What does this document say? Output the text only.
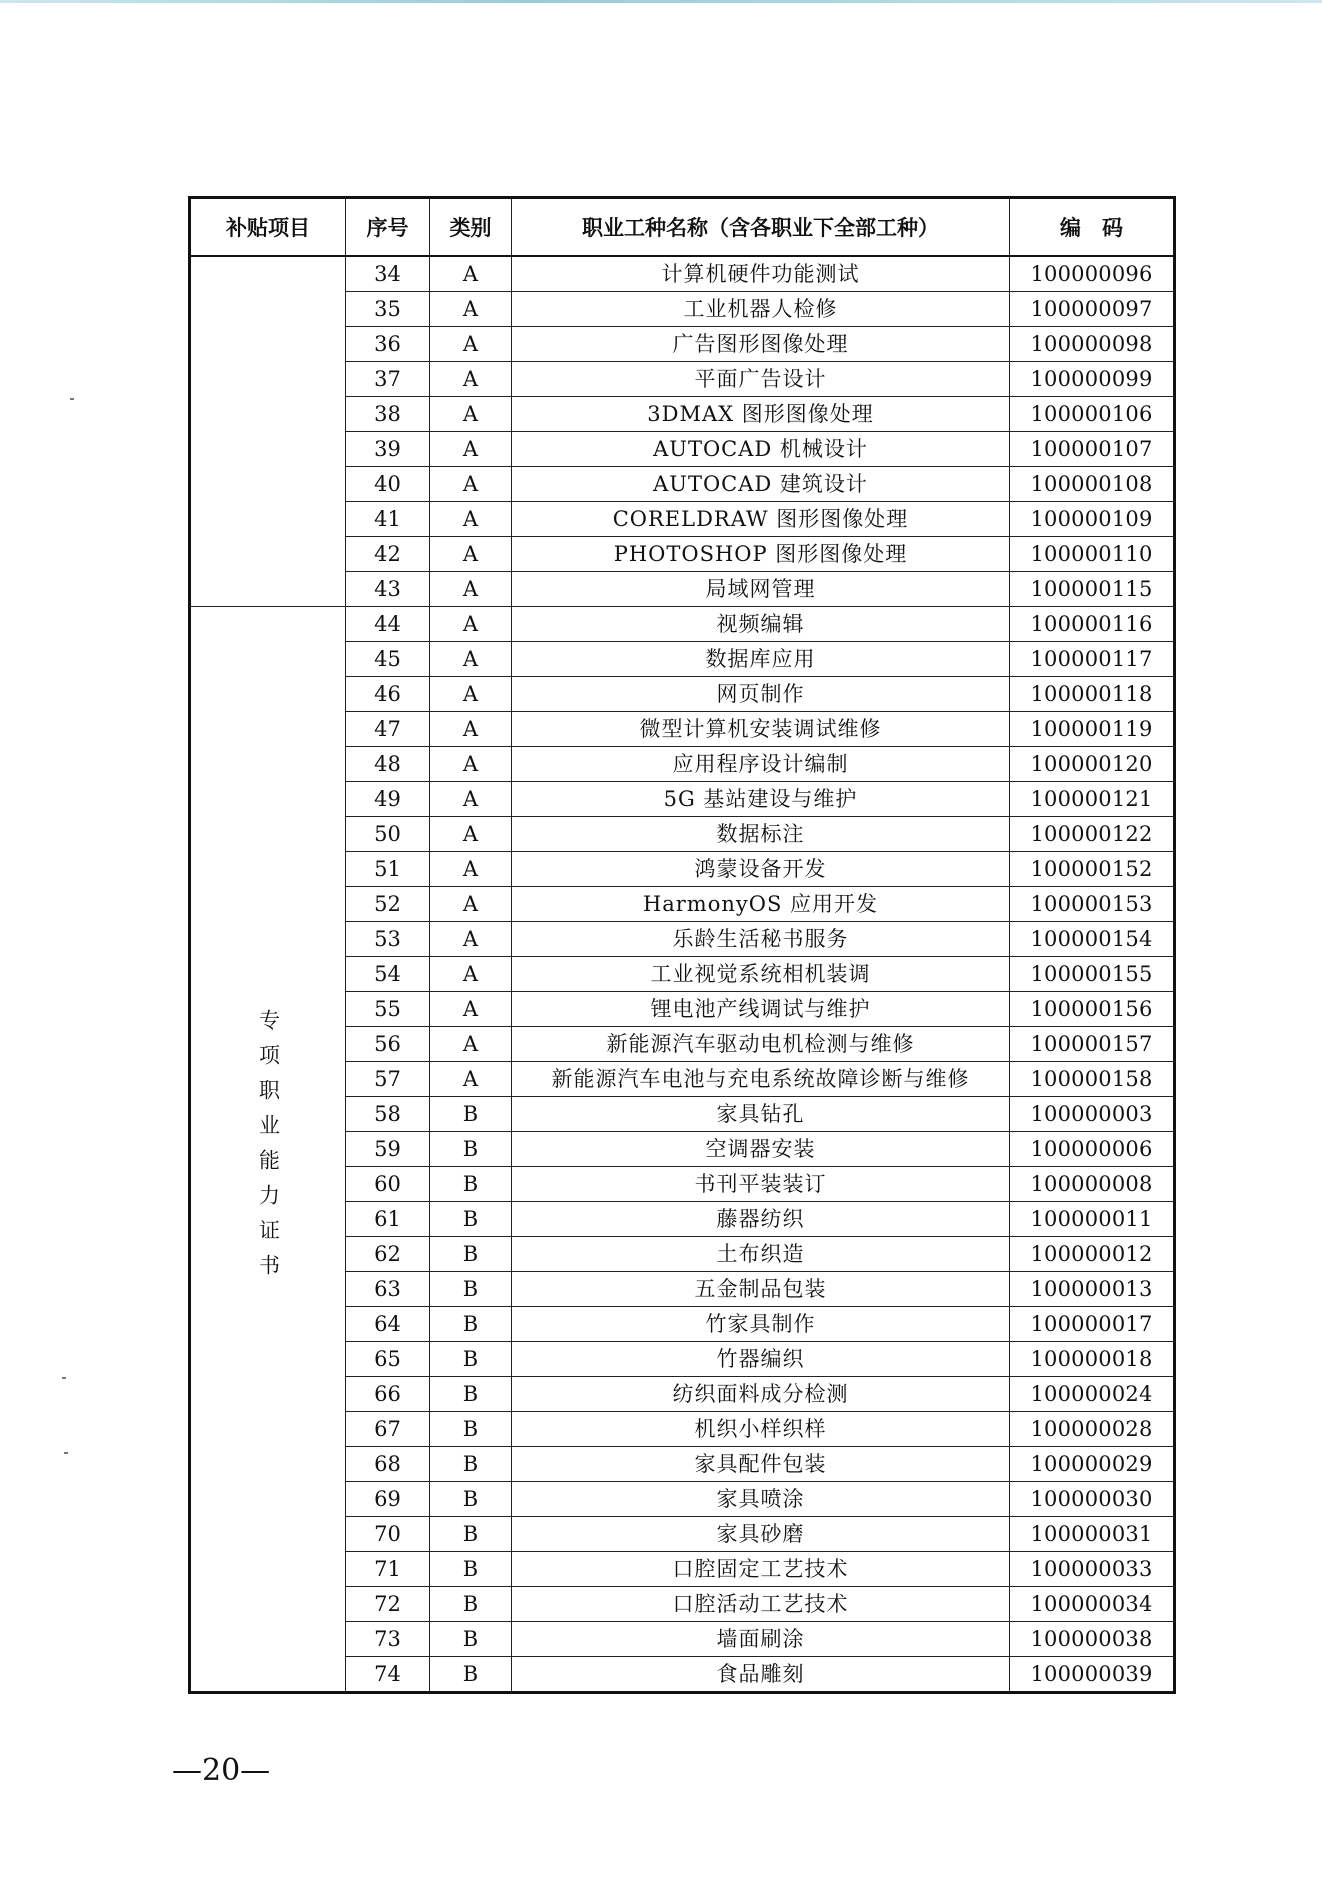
补贴项目	序号	类别	职业工种名称（含各职业下全部工种）	编　码
	34	A	计算机硬件功能测试	100000096
	35	A	工业机器人检修	100000097
	36	A	广告图形图像处理	100000098
	37	A	平面广告设计	100000099
	38	A	3DMAX 图形图像处理	100000106
	39	A	AUTOCAD 机械设计	100000107
	40	A	AUTOCAD 建筑设计	100000108
	41	A	CORELDRAW 图形图像处理	100000109
	42	A	PHOTOSHOP 图形图像处理	100000110
	43	A	局域网管理	100000115

专项职业能力证书	44	A	视频编辑	100000116
	45	A	数据库应用	100000117
	46	A	网页制作	100000118
	47	A	微型计算机安装调试维修	100000119
	48	A	应用程序设计编制	100000120
	49	A	5G 基站建设与维护	100000121
	50	A	数据标注	100000122
	51	A	鸿蒙设备开发	100000152
	52	A	HarmonyOS 应用开发	100000153
	53	A	乐龄生活秘书服务	100000154
	54	A	工业视觉系统相机装调	100000155
	55	A	锂电池产线调试与维护	100000156
	56	A	新能源汽车驱动电机检测与维修	100000157
	57	A	新能源汽车电池与充电系统故障诊断与维修	100000158
	58	B	家具钻孔	100000003
	59	B	空调器安装	100000006
	60	B	书刊平装装订	100000008
	61	B	藤器纺织	100000011
	62	B	土布织造	100000012
	63	B	五金制品包装	100000013
	64	B	竹家具制作	100000017
	65	B	竹器编织	100000018
	66	B	纺织面料成分检测	100000024
	67	B	机织小样织样	100000028
	68	B	家具配件包装	100000029
	69	B	家具喷涂	100000030
	70	B	家具砂磨	100000031
	71	B	口腔固定工艺技术	100000033
	72	B	口腔活动工艺技术	100000034
	73	B	墙面刷涂	100000038
	74	B	食品雕刻	100000039
—20—
